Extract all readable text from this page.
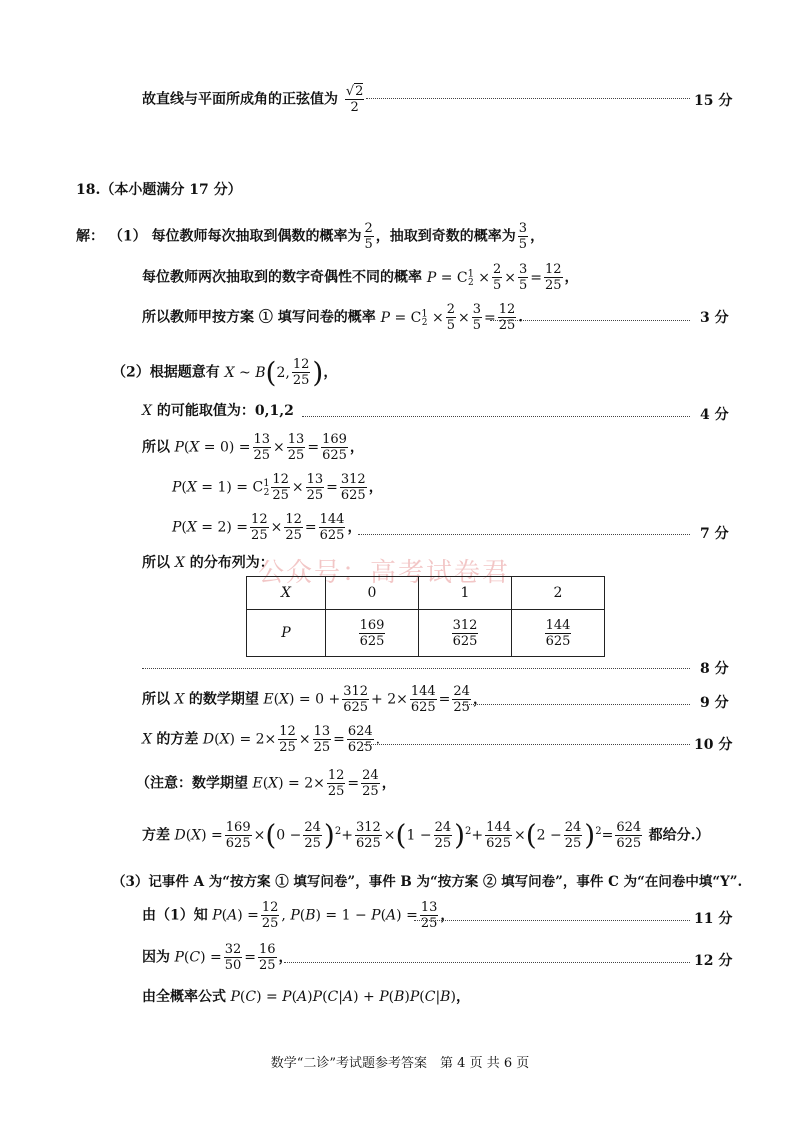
故直线与平面所成角的正弦值为 $\frac{√2}{2}$	15 分
18.（本小题满分 17 分）
解： （1） 每位教师每次抽取到偶数的概率为 $\frac{2}{5}$ ，抽取到奇数的概率为 $\frac{3}{5}$ ，
每位教师两次抽取到的数字奇偶性不同的概率 $P = C^1_2 \times \frac{2}{5} \times \frac{3}{5} = \frac{12}{25}$ ，
所以教师甲按方案 ① 填写问卷的概率 $P = C^1_2 \times \frac{2}{5} \times \frac{3}{5} = \frac{12}{25}$ .	3 分
（2）根据题意有 X ~ B(2, $\frac{12}{25}$ )，
X 的可能取值为：0,1,2	4 分
所以 $P(X = 0) = \frac{13}{25} \times \frac{13}{25} = \frac{169}{625}$ ，
$P(X = 1) = C^1_2 \frac{12}{25} \times \frac{13}{25} = \frac{312}{625}$ ，
$P(X = 2) = \frac{12}{25} \times \frac{12}{25} = \frac{144}{625}$ ，	7 分
公众号：高考试卷君
所以 X 的分布列为：
X	0	1	2
P	$\frac{169}{625}$	$\frac{312}{625}$	$\frac{144}{625}$
8 分
所以 X 的数学期望 $E(X) = 0 + \frac{312}{625} + 2\times \frac{144}{625} = \frac{24}{25}$ ，	9 分
X 的方差 $D(X) = 2\times \frac{12}{25} \times \frac{13}{25} = \frac{624}{625}$ .	10 分
（注意：数学期望 $E(X) = 2\times \frac{12}{25} = \frac{24}{25}$ ，
方差 $D(X) = \frac{169}{625} \times(0 - \frac{24}{25} )^2+ \frac{312}{625} \times(1 - \frac{24}{25} )^2+ \frac{144}{625} \times(2 - \frac{24}{25} )^2= \frac{624}{625}$ 都给分.）
（3）记事件 A 为“按方案 ① 填写问卷”，事件 B 为“按方案 ② 填写问卷”，事件 C 为“在问卷中填“Y”.
由（1）知 $P(A) = \frac{12}{25}$ , $P(B) = 1 - P(A) = \frac{13}{25}$ ，	11 分
因为 $P(C) = \frac{32}{50} = \frac{16}{25}$ ，	12 分
由全概率公式 P(C) = P(A)P(C|A) + P(B)P(C|B)，
数学“二诊”考试题参考答案　第 4 页 共 6 页
